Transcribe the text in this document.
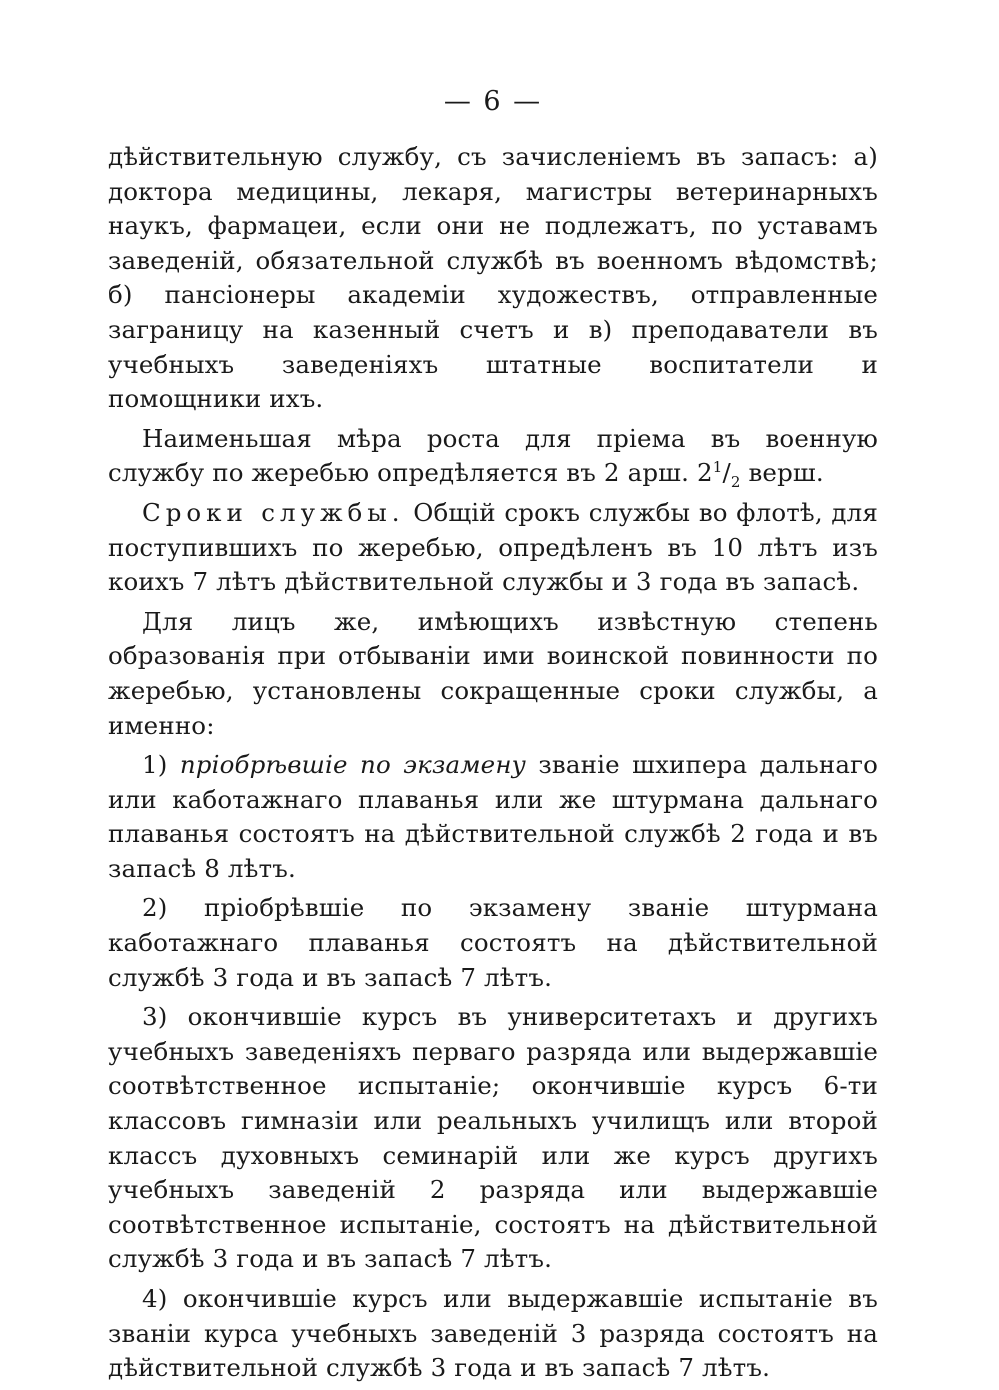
— 6 —

дѣйствительную службу, съ зачисленіемъ въ запасъ: а) доктора медицины, лекаря, магистры ветеринарныхъ наукъ, фармацеи, если они не подлежатъ, по уставамъ заведеній, обязательной службѣ въ военномъ вѣдомствѣ; б) пансіонеры академіи художествъ, отправленные заграницу на казенный счетъ и в) преподаватели въ учебныхъ заведеніяхъ штатные воспитатели и помощники ихъ.

Наименьшая мѣра роста для пріема въ военную службу по жеребью опредѣляется въ 2 арш. $2^1/_2$ верш.

Сроки службы. Общій срокъ службы во флотѣ, для поступившихъ по жеребью, опредѣленъ въ 10 лѣтъ изъ коихъ 7 лѣтъ дѣйствительной службы и 3 года въ запасѣ.

Для лицъ же, имѣющихъ извѣстную степень образованія при отбываніи ими воинской повинности по жеребью, установлены сокращенные сроки службы, а именно:

1) пріобрѣвшіе по экзамену званіе шхипера дальнаго или каботажнаго плаванья или же штурмана дальнаго плаванья состоятъ на дѣйствительной службѣ 2 года и въ запасѣ 8 лѣтъ.

2) пріобрѣвшіе по экзамену званіе штурмана каботажнаго плаванья состоятъ на дѣйствительной службѣ 3 года и въ запасѣ 7 лѣтъ.

3) окончившіе курсъ въ университетахъ и другихъ учебныхъ заведеніяхъ перваго разряда или выдержавшіе соотвѣтственное испытаніе; окончившіе курсъ 6-ти классовъ гимназіи или реальныхъ училищъ или второй классъ духовныхъ семинарій или же курсъ другихъ учебныхъ заведеній 2 разряда или выдержавшіе соотвѣтственное испытаніе, состоятъ на дѣйствительной службѣ 3 года и въ запасѣ 7 лѣтъ.

4) окончившіе курсъ или выдержавшіе испытаніе въ званіи курса учебныхъ заведеній 3 разряда состоятъ на дѣйствительной службѣ 3 года и въ запасѣ 7 лѣтъ.
